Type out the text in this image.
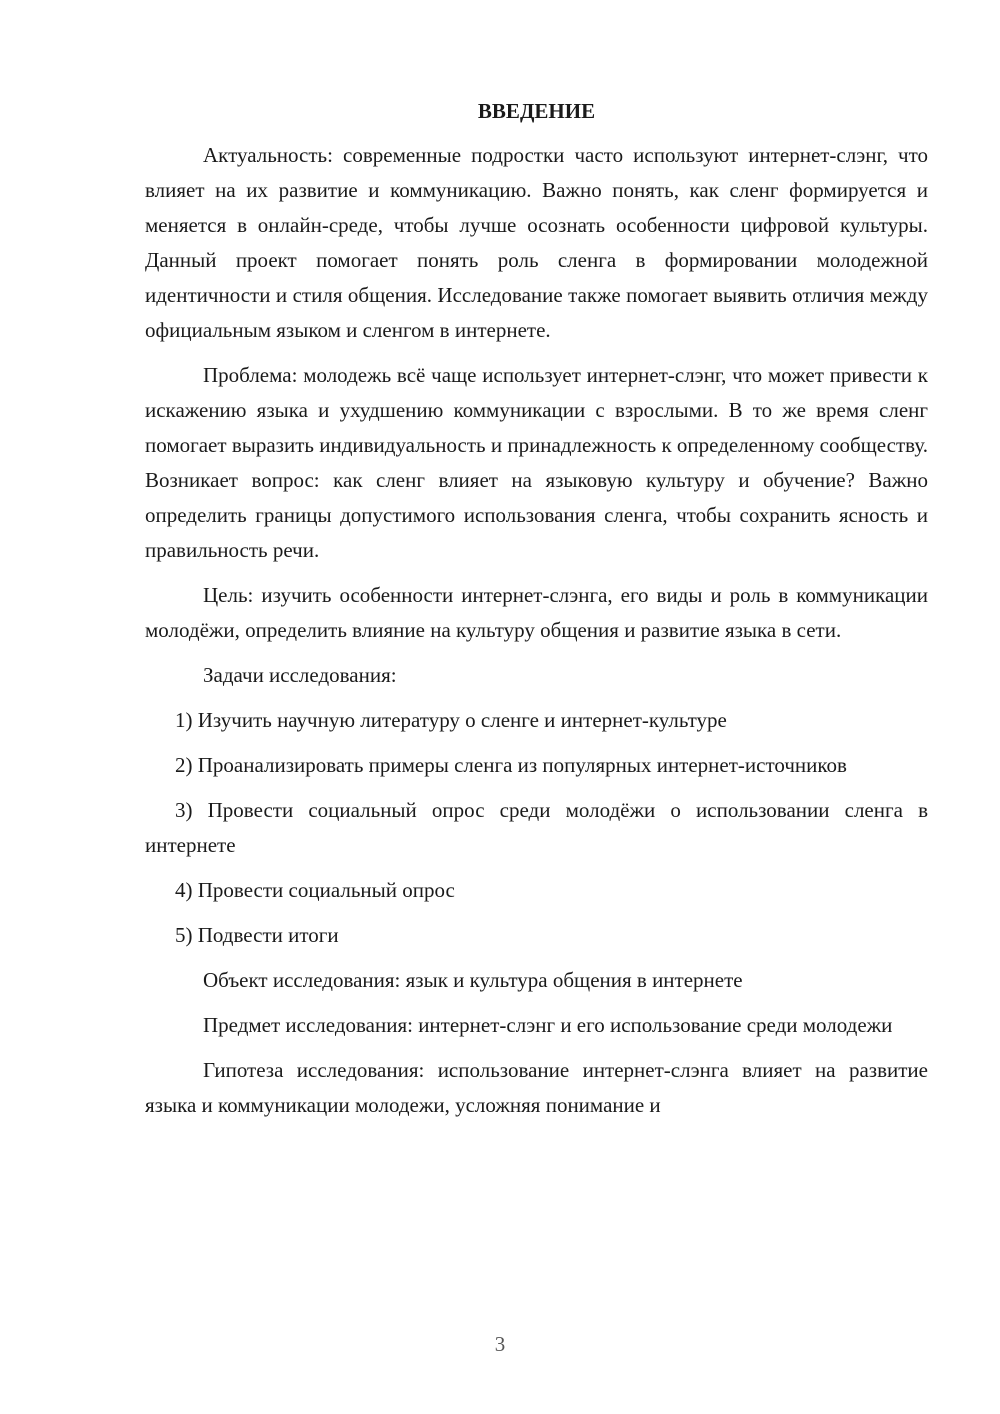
ВВЕДЕНИЕ

Актуальность: современные подростки часто используют интернет-слэнг, что влияет на их развитие и коммуникацию. Важно понять, как сленг формируется и меняется в онлайн-среде, чтобы лучше осознать особенности цифровой культуры. Данный проект помогает понять роль сленга в формировании молодежной идентичности и стиля общения. Исследование также помогает выявить отличия между официальным языком и сленгом в интернете.

Проблема: молодежь всё чаще использует интернет-слэнг, что может привести к искажению языка и ухудшению коммуникации с взрослыми. В то же время сленг помогает выразить индивидуальность и принадлежность к определенному сообществу. Возникает вопрос: как сленг влияет на языковую культуру и обучение? Важно определить границы допустимого использования сленга, чтобы сохранить ясность и правильность речи.

Цель: изучить особенности интернет-слэнга, его виды и роль в коммуникации молодёжи, определить влияние на культуру общения и развитие языка в сети.

Задачи исследования:

1) Изучить научную литературу о сленге и интернет-культуре

2) Проанализировать примеры сленга из популярных интернет-источников

3) Провести социальный опрос среди молодёжи о использовании сленга в интернете

4) Провести социальный опрос

5) Подвести итоги

Объект исследования: язык и культура общения в интернете

Предмет исследования: интернет-слэнг и его использование среди молодежи

Гипотеза исследования: использование интернет-слэнга влияет на развитие языка и коммуникации молодежи, усложняя понимание и

3
